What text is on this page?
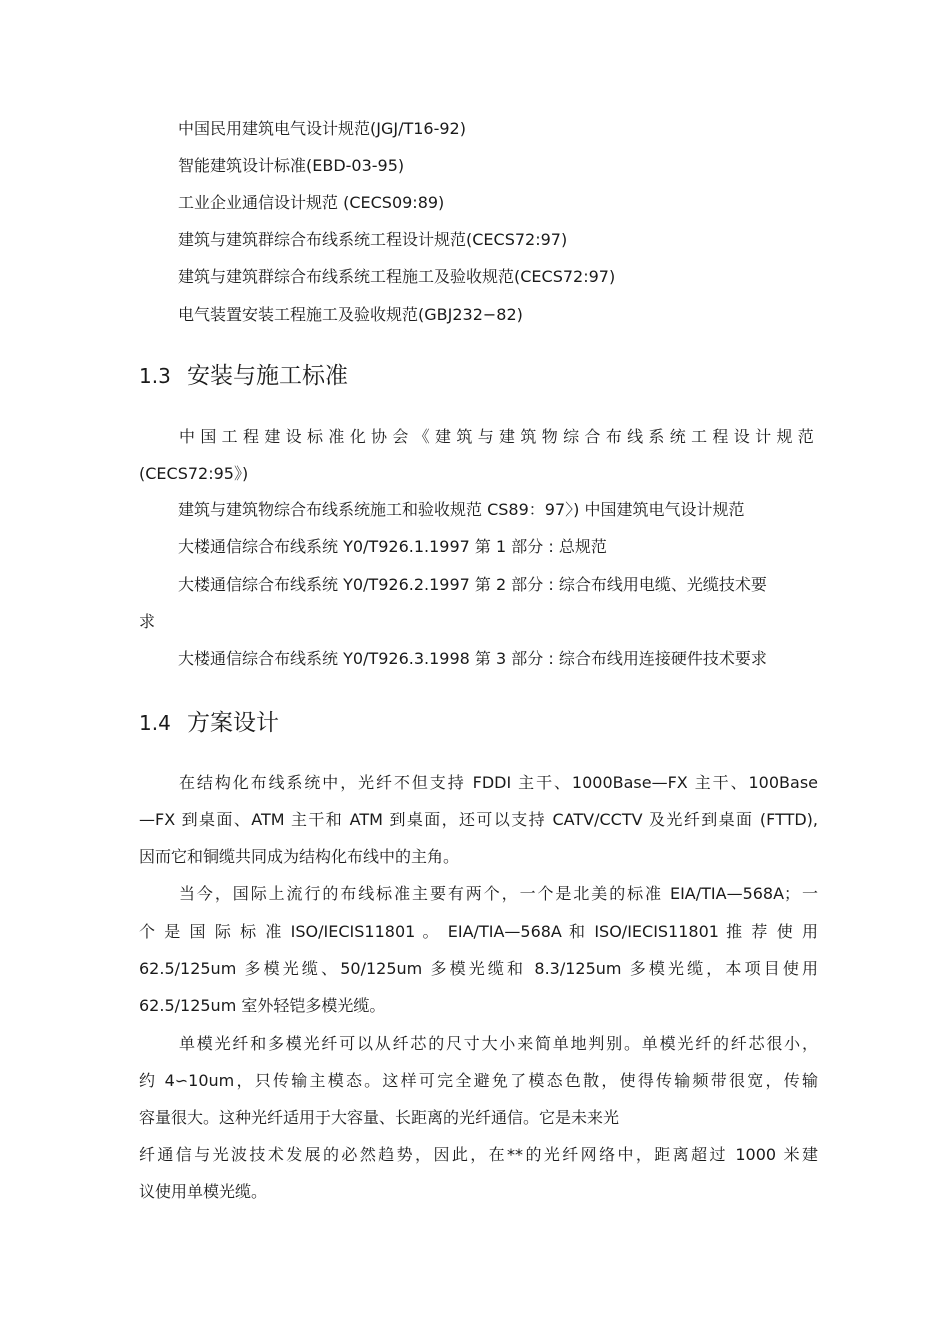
中国民用建筑电气设计规范(JGJ/T16-92)
智能建筑设计标准(EBD-03-95)
工业企业通信设计规范 (CECS09:89)
建筑与建筑群综合布线系统工程设计规范(CECS72:97)
建筑与建筑群综合布线系统工程施工及验收规范(CECS72:97)
电气装置安装工程施工及验收规范(GBJ232−82)
1.3 安装与施工标准
中国工程建设标准化协会《建筑与建筑物综合布线系统工程设计规范
(CECS72:95》)
建筑与建筑物综合布线系统施工和验收规范 CS89：97〉) 中国建筑电气设计规范
大楼通信综合布线系统 Y0/T926.1.1997 第 1 部分 : 总规范
大楼通信综合布线系统 Y0/T926.2.1997 第 2 部分 : 综合布线用电缆、光缆技术要
求
大楼通信综合布线系统 Y0/T926.3.1998 第 3 部分 : 综合布线用连接硬件技术要求
1.4 方案设计
在结构化布线系统中，光纤不但支持 FDDI 主干、1000Base—FX 主干、100Base
—FX 到桌面、ATM 主干和 ATM 到桌面，还可以支持 CATV/CCTV 及光纤到桌面 (FTTD),
因而它和铜缆共同成为结构化布线中的主角。
当今，国际上流行的布线标准主要有两个，一个是北美的标准 EIA/TIA—568A；一
个 是 国 际 标 准 ISO/IECIS11801 。 EIA/TIA—568A 和 ISO/IECIS11801 推 荐 使 用
62.5/125um 多模光缆、50/125um 多模光缆和 8.3/125um 多模光缆，本项目使用
62.5/125um 室外轻铠多模光缆。
单模光纤和多模光纤可以从纤芯的尺寸大小来简单地判别。单模光纤的纤芯很小，
约 4∽10um，只传输主模态。这样可完全避免了模态色散，使得传输频带很宽，传输
容量很大。这种光纤适用于大容量、长距离的光纤通信。它是未来光
纤通信与光波技术发展的必然趋势，因此，在**的光纤网络中，距离超过 1000 米建
议使用单模光缆。
